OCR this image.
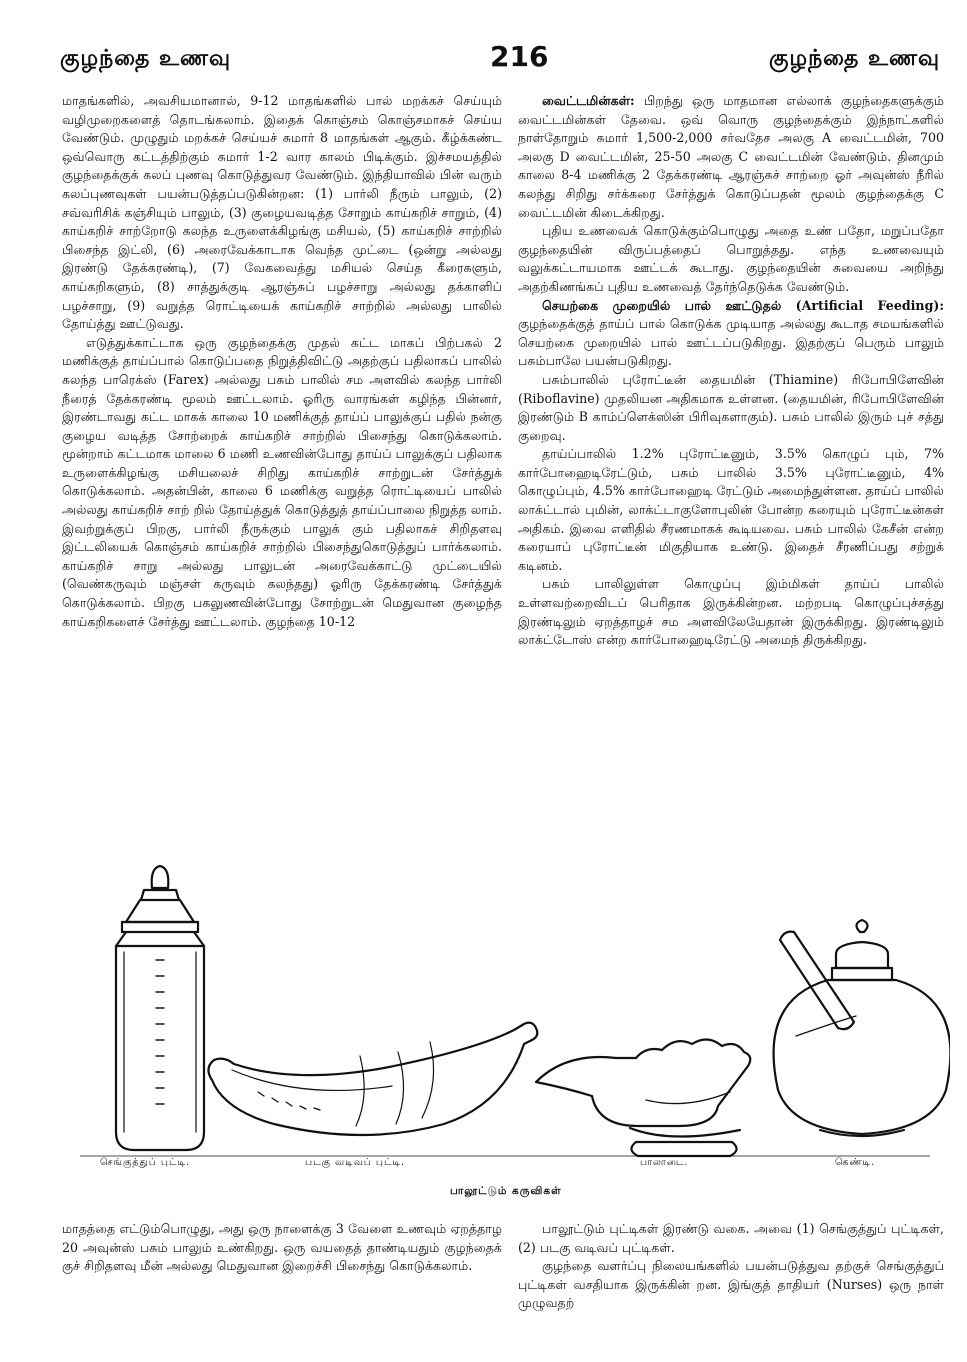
குழந்தை உணவு	216	குழந்தை உணவு

மாதங்களில், அவசியமானால், 9-12 மாதங்களில் பால் மறக்கச் செய்யும் வழிமுறைகளைத் தொடங்கலாம். இதைக் கொஞ்சம் கொஞ்சமாகச் செய்ய வேண்டும். முழுதும் மறக்கச் செய்யச் சுமார் 8 மாதங்கள் ஆகும். கீழ்க்கண்ட ஒவ்வொரு கட்டத்திற்கும் சுமார் 1-2 வார காலம் பிடிக்கும். இச்சமயத்தில் குழந்தைக்குக் கலப் புணவு கொடுத்துவர வேண்டும். இந்தியாவில் பின் வரும் கலப்புணவுகள் பயன்படுத்தப்படுகின்றன: (1) பார்லி நீரும் பாலும், (2) சவ்வரிசிக் கஞ்சியும் பாலும், (3) குழையவடித்த சோறும் காய்கறிச் சாறும், (4) காய்கறிச் சாற்றோடு கலந்த உருளைக்கிழங்கு மசியல், (5) காய்கறிச் சாற்றில் பிசைந்த இட்லி, (6) அரைவேக்காடாக வெந்த முட்டை (ஒன்று அல்லது இரண்டு தேக்கரண்டி), (7) வேகவைத்து மசியல் செய்த கீரைகளும், காய்கறிகளும், (8) சாத்துக்குடி ஆரஞ்சுப் பழச்சாறு அல்லது தக்காளிப் பழச்சாறு, (9) வறுத்த ரொட்டியைக் காய்கறிச் சாற்றில் அல்லது பாலில் தோய்த்து ஊட்டுவது.

எடுத்துக்காட்டாக ஒரு குழந்தைக்கு முதல் கட்ட மாகப் பிற்பகல் 2 மணிக்குத் தாய்ப்பால் கொடுப்பதை நிறுத்திவிட்டு அதற்குப் பதிலாகப் பாலில் கலந்த பாரெக்ஸ் (Farex) அல்லது பசும் பாலில் சம அளவில் கலந்த பார்லி நீரைத் தேக்கரண்டி மூலம் ஊட்டலாம். ஓரிரு வாரங்கள் கழிந்த பின்னர், இரண்டாவது கட்ட மாகக் காலை 10 மணிக்குத் தாய்ப் பாலுக்குப் பதில் நன்கு குழைய வடித்த சோற்றைக் காய்கறிச் சாற்றில் பிசைந்து கொடுக்கலாம். மூன்றாம் கட்டமாக மாலை 6 மணி உணவின்போது தாய்ப் பாலுக்குப் பதிலாக உருளைக்கிழங்கு மசியலைச் சிறிது காய்கறிச் சாற்றுடன் சேர்த்துக் கொடுக்கலாம். அதன்பின், காலை 6 மணிக்கு வறுத்த ரொட்டியைப் பாலில் அல்லது காய்கறிச் சாற் றில் தோய்த்துக் கொடுத்துத் தாய்ப்பாலை நிறுத்த லாம். இவற்றுக்குப் பிறகு, பார்லி நீருக்கும் பாலுக் கும் பதிலாகச் சிறிதளவு இட்டலியைக் கொஞ்சம் காய்கறிச் சாற்றில் பிசைந்துகொடுத்துப் பார்க்கலாம். காய்கறிச் சாறு அல்லது பாலுடன் அரைவேக்காட்டு முட்டையில் (வெண்கருவும் மஞ்சள் கருவும் கலந்தது) ஓரிரு தேக்கரண்டி சேர்த்துக் கொடுக்கலாம். பிறகு பகலுணவின்போது சோற்றுடன் மெதுவான குழைந்த காய்கறிகளைச் சேர்த்து ஊட்டலாம். குழந்தை 10-12

வைட்டமின்கள்: பிறந்து ஒரு மாதமான எல்லாக் குழந்தைகளுக்கும் வைட்டமின்கள் தேவை. ஒவ் வொரு குழந்தைக்கும் இந்நாட்களில் நாள்தோறும் சுமார் 1,500-2,000 சர்வதேச அலகு A வைட்டமின், 700 அலகு D வைட்டமின், 25-50 அலகு C வைட்டமின் வேண்டும். தினமும் காலை 8-4 மணிக்கு 2 தேக்கரண்டி ஆரஞ்சுச் சாற்றை ஓர் அவுன்ஸ் நீரில் கலந்து சிறிது சர்க்கரை சேர்த்துக் கொடுப்பதன் மூலம் குழந்தைக்கு C வைட்டமின் கிடைக்கிறது.

புதிய உணவைக் கொடுக்கும்பொழுது அதை உண் பதோ, மறுப்பதோ குழந்தையின் விருப்பத்தைப் பொறுத்தது. எந்த உணவையும் வலுக்கட்டாயமாக ஊட்டக் கூடாது. குழந்தையின் சுவையை அறிந்து அதற்கிணங்கப் புதிய உணவைத் தேர்ந்தெடுக்க வேண்டும்.

செயற்கை முறையில் பால் ஊட்டுதல் (Artificial Feeding): குழந்தைக்குத் தாய்ப் பால் கொடுக்க முடியாத அல்லது கூடாத சமயங்களில் செயற்கை முறையில் பால் ஊட்டப்படுகிறது. இதற்குப் பெரும் பாலும் பசும்பாலே பயன்படுகிறது.

பசும்பாலில் புரோட்டீன் தையமின் (Thiamine) ரிபோபிளேவின் (Riboflavine) முதலியன அதிகமாக உள்ளன. (தையமின், ரிபோபிளேவின் இரண்டும் B காம்ப்ளெக்ஸின் பிரிவுகளாகும்). பசும் பாலில் இரும் புச் சத்து குறைவு.

தாய்ப்பாலில் 1.2% புரோட்டீனும், 3.5% கொழுப் பும், 7% கார்போஹைடிரேட்டும், பசும் பாலில் 3.5% புரோட்டீனும், 4% கொழுப்பும், 4.5% கார்போஹைடி ரேட்டும் அமைந்துள்ளன. தாய்ப் பாலில் லாக்ட்டால் புமின், லாக்ட்டாகுளோபுலின் போன்ற கரையும் புரோட்டீன்கள் அதிகம். இவை எளிதில் சீரணமாகக் கூடியவை. பசும் பாலில் கேசீன் என்ற கரையாப் புரோட்டீன் மிகுதியாக உண்டு. இதைச் சீரணிப்பது சற்றுக் கடினம்.

பசும் பாலிலுள்ள கொழுப்பு இம்மிகள் தாய்ப் பாலில் உள்ளவற்றைவிடப் பெரிதாக இருக்கின்றன. மற்றபடி கொழுப்புச்சத்து இரண்டிலும் ஏறத்தாழச் சம அளவிலேயேதான் இருக்கிறது. இரண்டிலும் லாக்ட்டோஸ் என்ற கார்போஹைடிரேட்டு அமைந் திருக்கிறது.

செங்குத்துப் புட்டி.	படகு வடிவப் புட்டி.	பாலாடை.	கெண்டி.
பாலூட்டும் கருவிகள்

மாதத்தை எட்டும்பொழுது, அது ஒரு நாளைக்கு 3 வேளை உணவும் ஏறத்தாழ 20 அவுன்ஸ் பசும் பாலும் உண்கிறது. ஒரு வயதைத் தாண்டியதும் குழந்தைக் குச் சிறிதளவு மீன் அல்லது மெதுவான இறைச்சி பிசைந்து கொடுக்கலாம்.

பாலூட்டும் புட்டிகள் இரண்டு வகை. அவை (1) செங்குத்துப் புட்டிகள், (2) படகு வடிவப் புட்டிகள்.

குழந்தை வளர்ப்பு நிலையங்களில் பயன்படுத்துவ தற்குச் செங்குத்துப் புட்டிகள் வசதியாக இருக்கின் றன. இங்குத் தாதியர் (Nurses) ஒரு நாள் முழுவதற்
